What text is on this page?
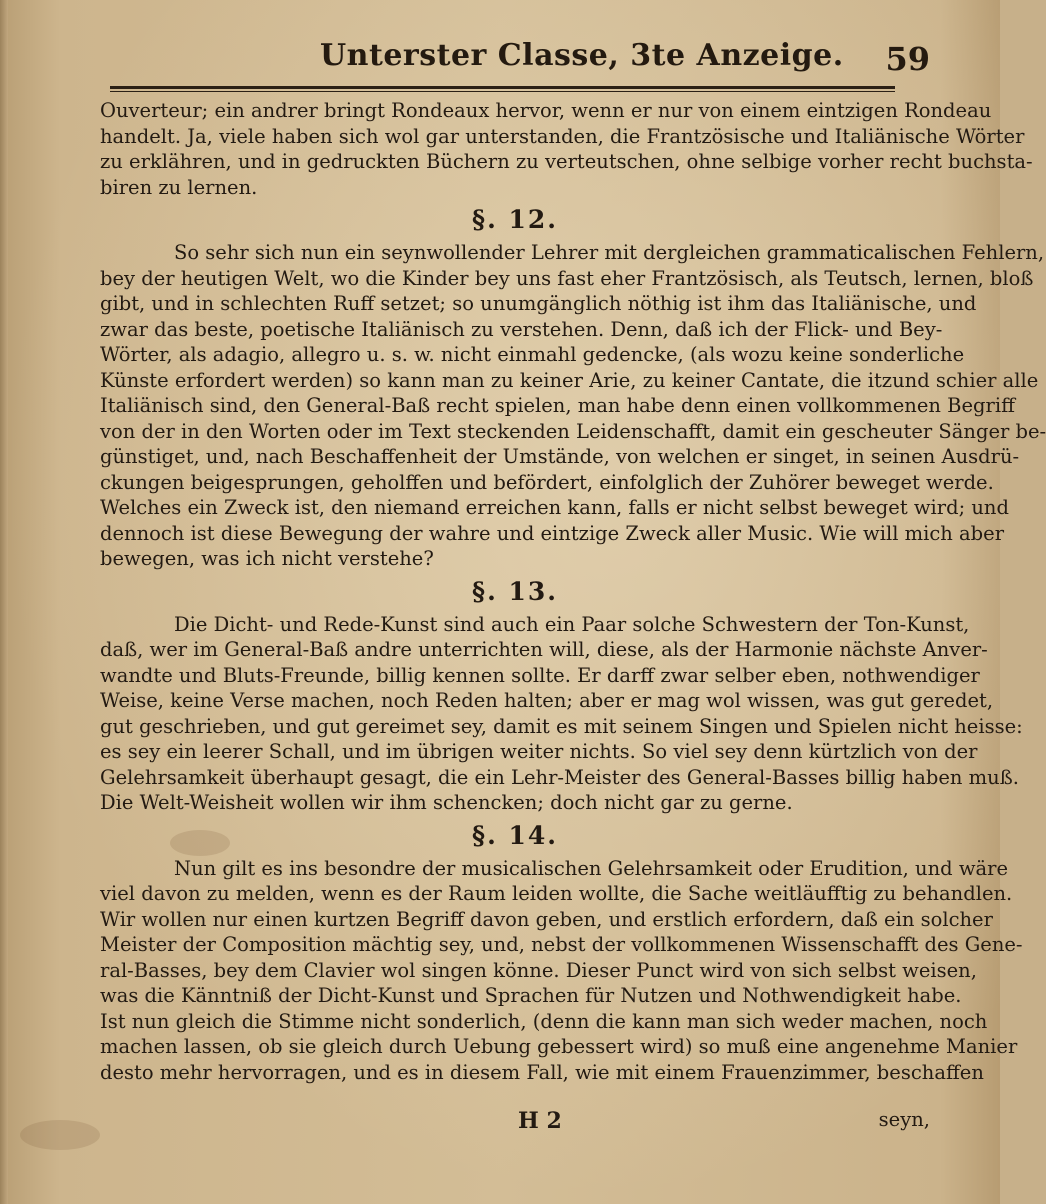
Unterster Classe, 3te Anzeige. 59
Ouverteur; ein andrer bringt Rondeaux hervor, wenn er nur von einem eintzigen Rondeau
handelt. Ja, viele haben sich wol gar unterstanden, die Frantzösische und Italiänische Wörter
zu erklähren, und in gedruckten Büchern zu verteutschen, ohne selbige vorher recht buchsta-
biren zu lernen.
§. 12.
So sehr sich nun ein seynwollender Lehrer mit dergleichen grammaticalischen Fehlern,
bey der heutigen Welt, wo die Kinder bey uns fast eher Frantzösisch, als Teutsch, lernen, bloß
gibt, und in schlechten Ruff setzet; so unumgänglich nöthig ist ihm das Italiänische, und
zwar das beste, poetische Italiänisch zu verstehen. Denn, daß ich der Flick- und Bey-
Wörter, als adagio, allegro u. s. w. nicht einmahl gedencke, (als wozu keine sonderliche
Künste erfordert werden) so kann man zu keiner Arie, zu keiner Cantate, die itzund schier alle
Italiänisch sind, den General-Baß recht spielen, man habe denn einen vollkommenen Begriff
von der in den Worten oder im Text steckenden Leidenschafft, damit ein gescheuter Sänger be-
günstiget, und, nach Beschaffenheit der Umstände, von welchen er singet, in seinen Ausdrü-
ckungen beigesprungen, geholffen und befördert, einfolglich der Zuhörer beweget werde.
Welches ein Zweck ist, den niemand erreichen kann, falls er nicht selbst beweget wird; und
dennoch ist diese Bewegung der wahre und eintzige Zweck aller Music. Wie will mich aber
bewegen, was ich nicht verstehe?
§. 13.
Die Dicht- und Rede-Kunst sind auch ein Paar solche Schwestern der Ton-Kunst,
daß, wer im General-Baß andre unterrichten will, diese, als der Harmonie nächste Anver-
wandte und Bluts-Freunde, billig kennen sollte. Er darff zwar selber eben, nothwendiger
Weise, keine Verse machen, noch Reden halten; aber er mag wol wissen, was gut geredet,
gut geschrieben, und gut gereimet sey, damit es mit seinem Singen und Spielen nicht heisse:
es sey ein leerer Schall, und im übrigen weiter nichts. So viel sey denn kürtzlich von der
Gelehrsamkeit überhaupt gesagt, die ein Lehr-Meister des General-Basses billig haben muß.
Die Welt-Weisheit wollen wir ihm schencken; doch nicht gar zu gerne.
§. 14.
Nun gilt es ins besondre der musicalischen Gelehrsamkeit oder Erudition, und wäre
viel davon zu melden, wenn es der Raum leiden wollte, die Sache weitläufftig zu behandlen.
Wir wollen nur einen kurtzen Begriff davon geben, und erstlich erfordern, daß ein solcher
Meister der Composition mächtig sey, und, nebst der vollkommenen Wissenschafft des Gene-
ral-Basses, bey dem Clavier wol singen könne. Dieser Punct wird von sich selbst weisen,
was die Känntniß der Dicht-Kunst und Sprachen für Nutzen und Nothwendigkeit habe.
Ist nun gleich die Stimme nicht sonderlich, (denn die kann man sich weder machen, noch
machen lassen, ob sie gleich durch Uebung gebessert wird) so muß eine angenehme Manier
desto mehr hervorragen, und es in diesem Fall, wie mit einem Frauenzimmer, beschaffen
H 2	seyn,
